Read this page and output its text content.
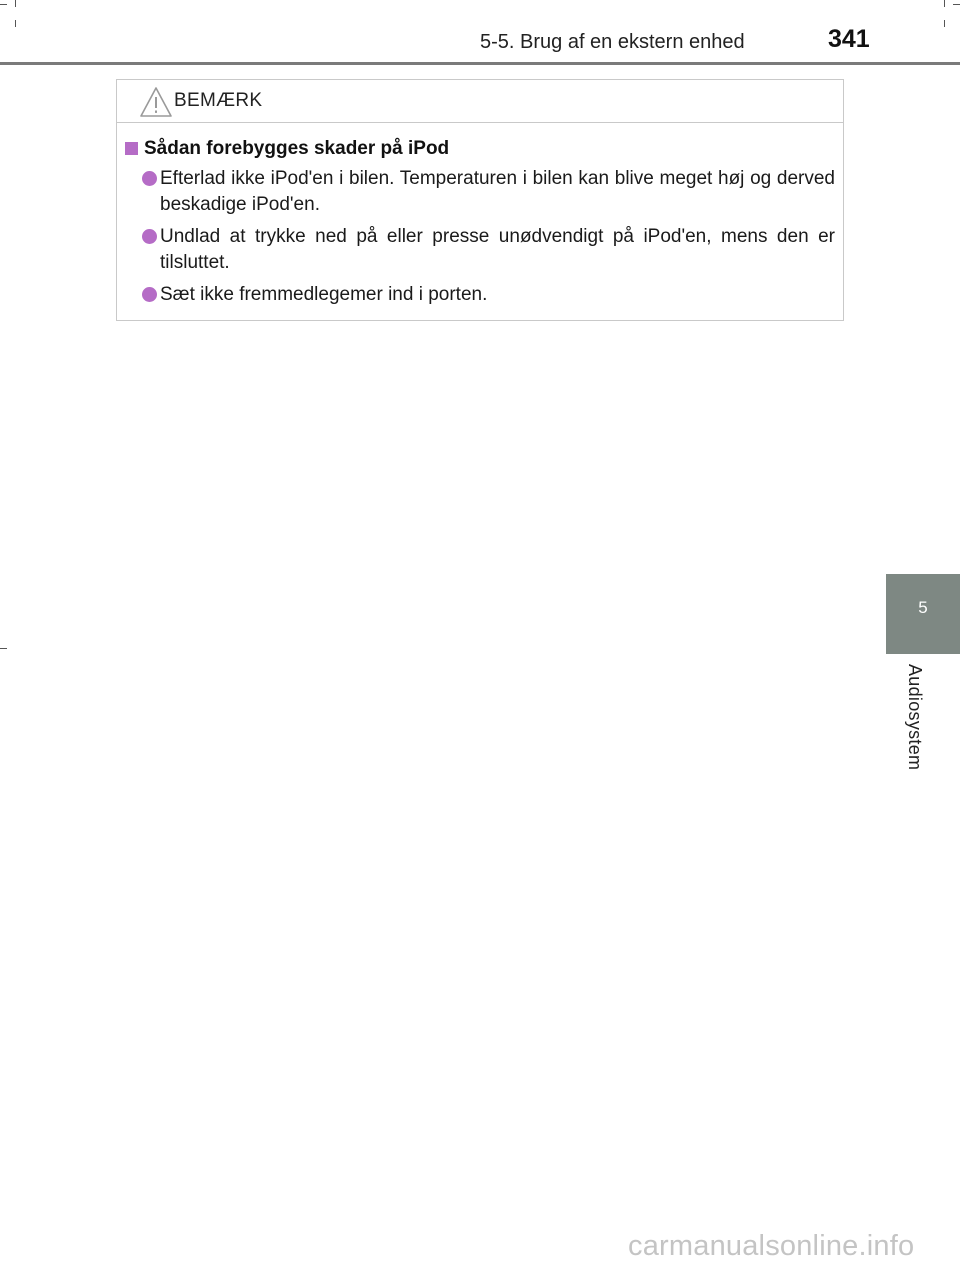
5-5. Brug af en ekstern enhed	341
BEMÆRK
Sådan forebygges skader på iPod
Efterlad ikke iPod'en i bilen. Temperaturen i bilen kan blive meget høj og derved beskadige iPod'en.
Undlad at trykke ned på eller presse unødvendigt på iPod'en, mens den er tilsluttet.
Sæt ikke fremmedlegemer ind i porten.
5
Audiosystem
carmanualsonline.info
